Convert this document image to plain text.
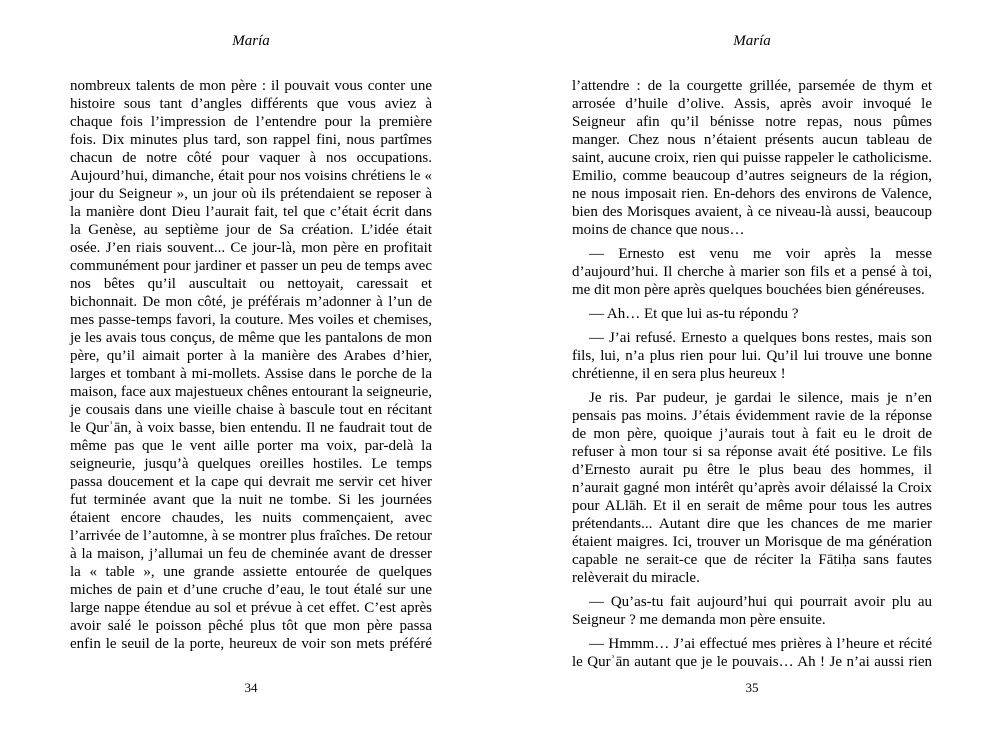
María

nombreux talents de mon père : il pouvait vous conter une histoire sous tant d’angles différents que vous aviez à chaque fois l’impression de l’entendre pour la première fois. Dix minutes plus tard, son rappel fini, nous partîmes chacun de notre côté pour vaquer à nos occupations. Aujourd’hui, dimanche, était pour nos voisins chrétiens le « jour du Seigneur », un jour où ils prétendaient se reposer à la manière dont Dieu l’aurait fait, tel que c’était écrit dans la Genèse, au septième jour de Sa création. L’idée était osée. J’en riais souvent... Ce jour-là, mon père en profitait communément pour jardiner et passer un peu de temps avec nos bêtes qu’il auscultait ou nettoyait, caressait et bichonnait. De mon côté, je préférais m’adonner à l’un de mes passe-temps favori, la couture. Mes voiles et chemises, je les avais tous conçus, de même que les pantalons de mon père, qu’il aimait porter à la manière des Arabes d’hier, larges et tombant à mi-mollets. Assise dans le porche de la maison, face aux majestueux chênes entourant la seigneurie, je cousais dans une vieille chaise à bascule tout en récitant le Qurʾān, à voix basse, bien entendu. Il ne faudrait tout de même pas que le vent aille porter ma voix, par-delà la seigneurie, jusqu’à quelques oreilles hostiles. Le temps passa doucement et la cape qui devrait me servir cet hiver fut terminée avant que la nuit ne tombe. Si les journées étaient encore chaudes, les nuits commençaient, avec l’arrivée de l’automne, à se montrer plus fraîches. De retour à la maison, j’allumai un feu de cheminée avant de dresser la « table », une grande assiette entourée de quelques miches de pain et d’une cruche d’eau, le tout étalé sur une large nappe étendue au sol et prévue à cet effet. C’est après avoir salé le poisson pêché plus tôt que mon père passa enfin le seuil de la porte, heureux de voir son mets préféré

34
María

l’attendre : de la courgette grillée, parsemée de thym et arrosée d’huile d’olive. Assis, après avoir invoqué le Seigneur afin qu’il bénisse notre repas, nous pûmes manger. Chez nous n’étaient présents aucun tableau de saint, aucune croix, rien qui puisse rappeler le catholicisme. Emilio, comme beaucoup d’autres seigneurs de la région, ne nous imposait rien. En-dehors des environs de Valence, bien des Morisques avaient, à ce niveau-là aussi, beaucoup moins de chance que nous…

— Ernesto est venu me voir après la messe d’aujourd’hui. Il cherche à marier son fils et a pensé à toi, me dit mon père après quelques bouchées bien généreuses.

— Ah… Et que lui as-tu répondu ?

— J’ai refusé. Ernesto a quelques bons restes, mais son fils, lui, n’a plus rien pour lui. Qu’il lui trouve une bonne chrétienne, il en sera plus heureux !

Je ris. Par pudeur, je gardai le silence, mais je n’en pensais pas moins. J’étais évidemment ravie de la réponse de mon père, quoique j’aurais tout à fait eu le droit de refuser à mon tour si sa réponse avait été positive. Le fils d’Ernesto aurait pu être le plus beau des hommes, il n’aurait gagné mon intérêt qu’après avoir délaissé la Croix pour ALlāh. Et il en serait de même pour tous les autres prétendants... Autant dire que les chances de me marier étaient maigres. Ici, trouver un Morisque de ma génération capable ne serait-ce que de réciter la Fātiḥa sans fautes relèverait du miracle.

— Qu’as-tu fait aujourd’hui qui pourrait avoir plu au Seigneur ? me demanda mon père ensuite.

— Hmmm… J’ai effectué mes prières à l’heure et récité le Qurʾān autant que je le pouvais… Ah ! Je n’ai aussi rien

35
